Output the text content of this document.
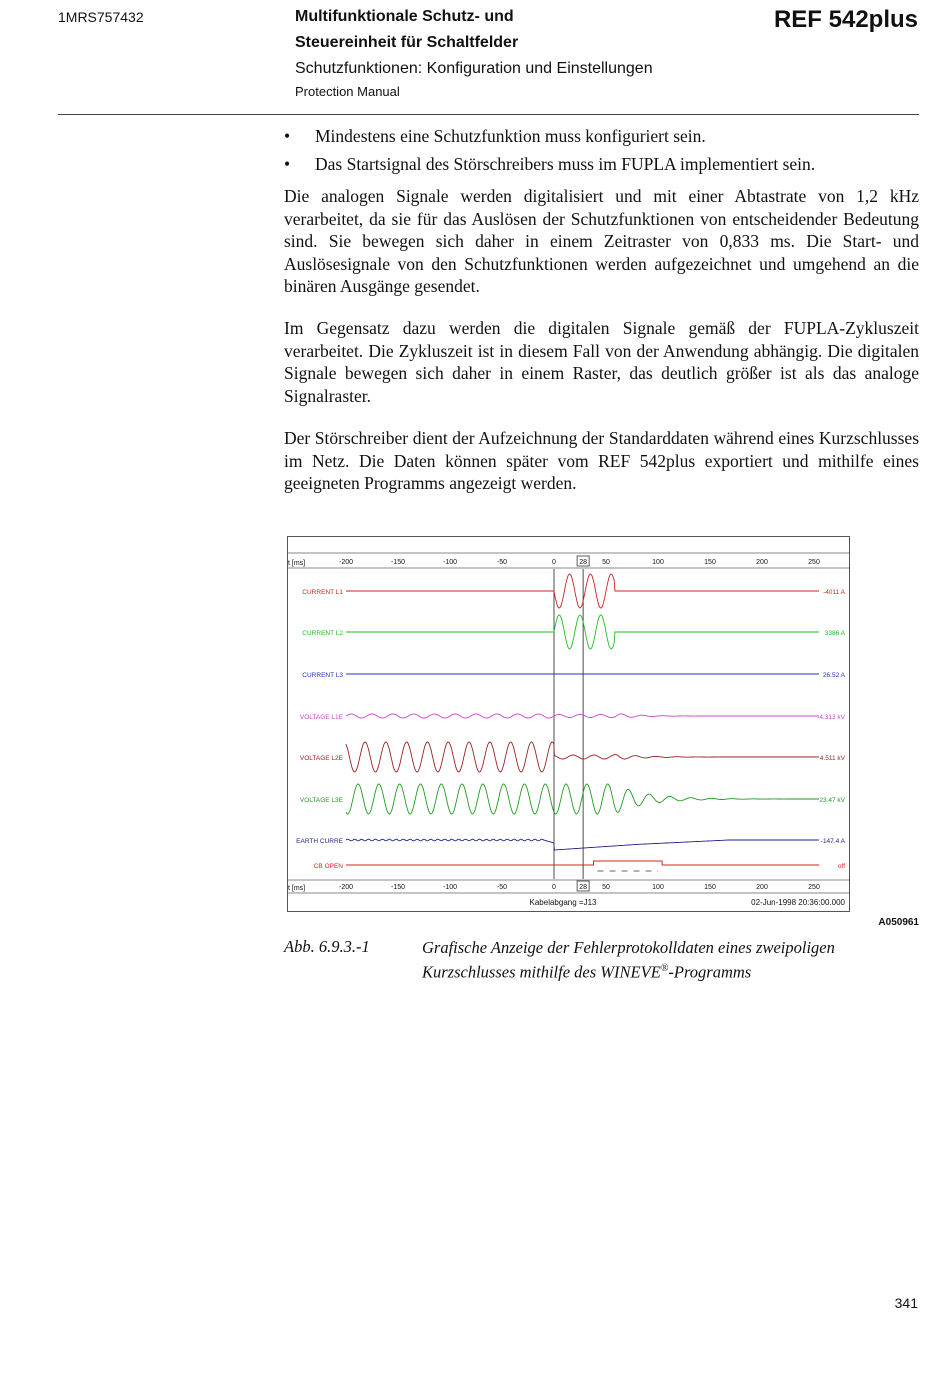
1MRS757432	Multifunktionale Schutz- und
Steuereinheit für Schaltfelder
Schutzfunktionen: Konfiguration und Einstellungen
Protection Manual
REF 542plus
• Mindestens eine Schutzfunktion muss konfiguriert sein.
• Das Startsignal des Störschreibers muss im FUPLA implementiert sein.
Die analogen Signale werden digitalisiert und mit einer Abtastrate von 1,2 kHz verarbeitet, da sie für das Auslösen der Schutzfunktionen von entscheidender Bedeutung sind. Sie bewegen sich daher in einem Zeitraster von 0,833 ms. Die Start- und Auslösesignale von den Schutzfunktionen werden aufgezeichnet und umgehend an die binären Ausgänge gesendet.
Im Gegensatz dazu werden die digitalen Signale gemäß der FUPLA-Zykluszeit verarbeitet. Die Zykluszeit ist in diesem Fall von der Anwendung abhängig. Die digitalen Signale bewegen sich daher in einem Raster, das deutlich größer ist als das analoge Signalraster.
Der Störschreiber dient der Aufzeichnung der Standarddaten während eines Kurzschlusses im Netz. Die Daten können später vom REF 542plus exportiert und mithilfe eines geeigneten Programms angezeigt werden.
t [ms]
t [ms]
-200	-150	-100	-50	0	28 50	100	150	200	250
-200	-150	-100	-50	0	28 50	100	150	200	250
CURRENT L1	-4011 A
CURRENT L2	3386 A
CURRENT L3	26.52 A
VOLTAGE L1E	-4.313 kV
VOLTAGE L2E	4.511 kV
VOLTAGE L3E	23.47 kV
EARTH CURRE	-147.4 A
CB OPEN	off
Kabelabgang =J13	02-Jun-1998 20:36:00.000
A050961
Abb. 6.9.3.-1	Grafische Anzeige der Fehlerprotokolldaten eines zweipoligen
Kurzschlusses mithilfe des WINEVE®-Programms
341
